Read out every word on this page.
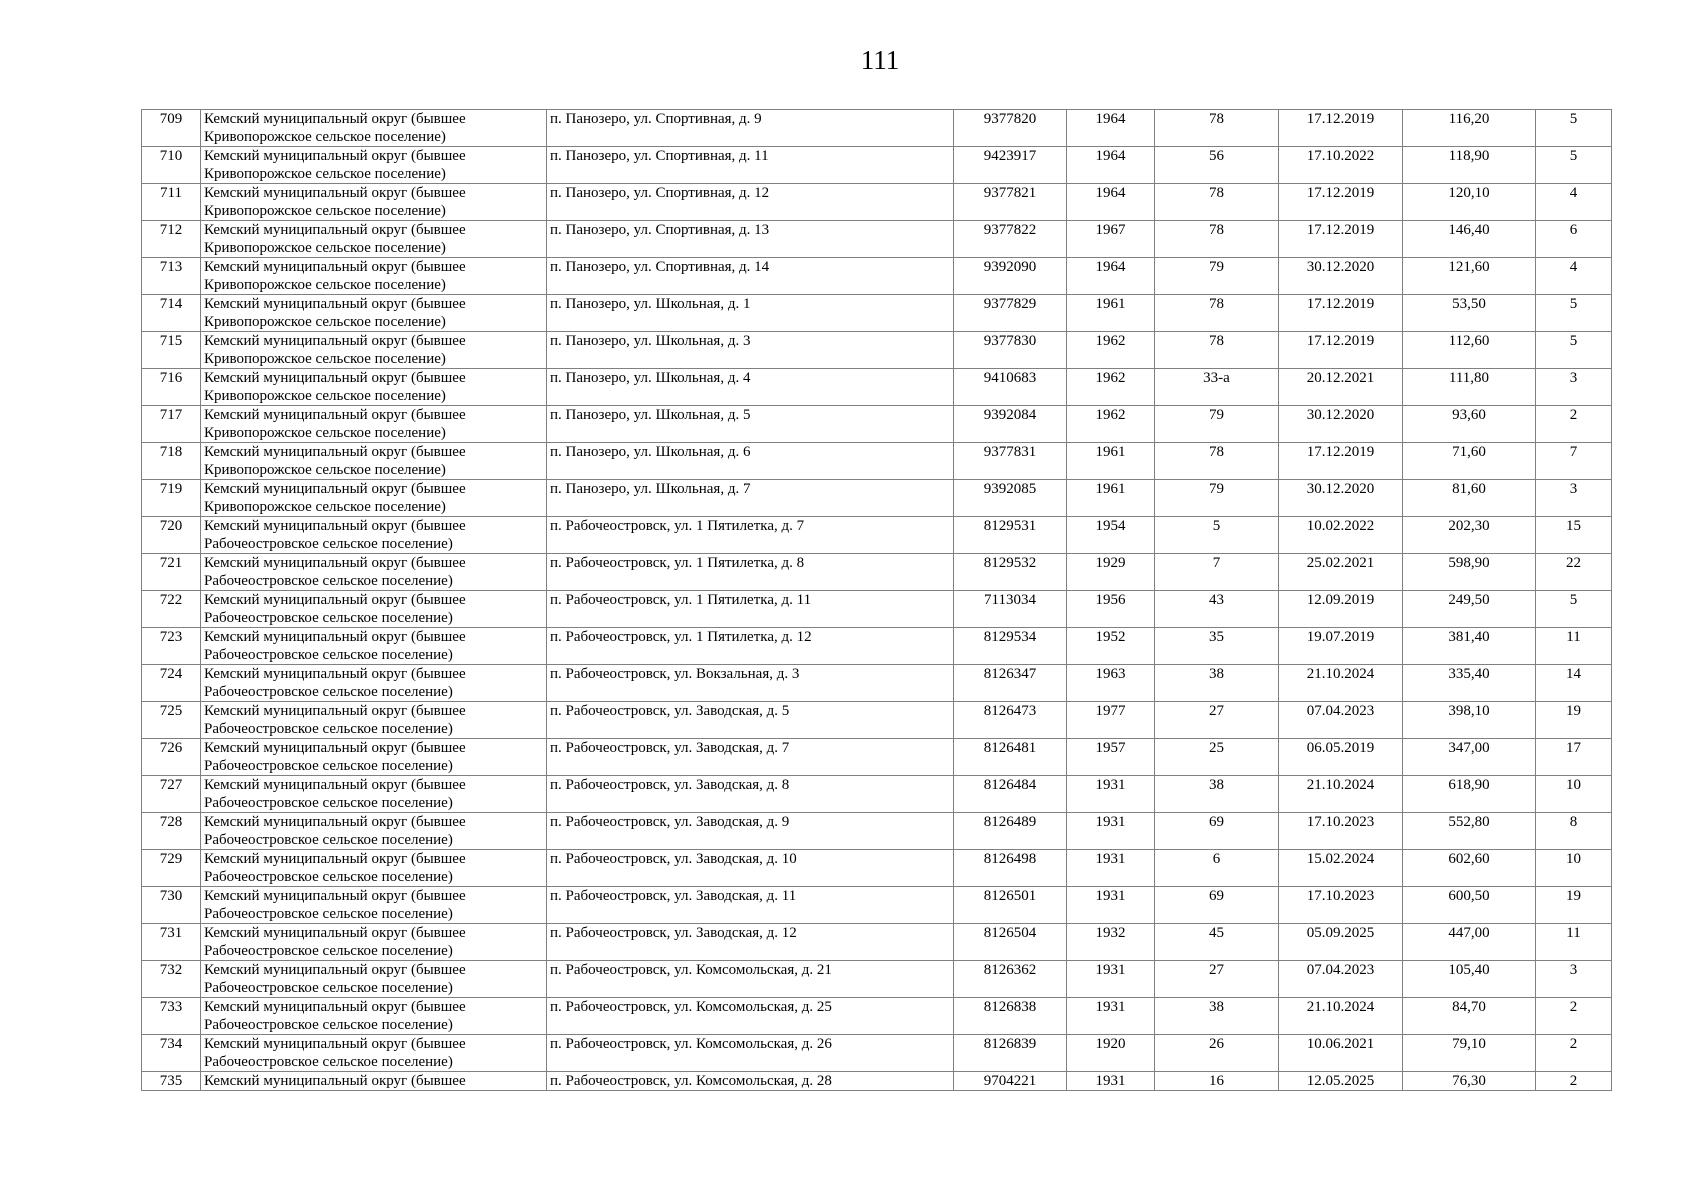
111
709	Кемский муниципальный округ (бывшее Кривопорожское сельское поселение)	п. Панозеро, ул. Спортивная, д. 9	9377820	1964	78	17.12.2019	116,20	5
710	Кемский муниципальный округ (бывшее Кривопорожское сельское поселение)	п. Панозеро, ул. Спортивная, д. 11	9423917	1964	56	17.10.2022	118,90	5
711	Кемский муниципальный округ (бывшее Кривопорожское сельское поселение)	п. Панозеро, ул. Спортивная, д. 12	9377821	1964	78	17.12.2019	120,10	4
712	Кемский муниципальный округ (бывшее Кривопорожское сельское поселение)	п. Панозеро, ул. Спортивная, д. 13	9377822	1967	78	17.12.2019	146,40	6
713	Кемский муниципальный округ (бывшее Кривопорожское сельское поселение)	п. Панозеро, ул. Спортивная, д. 14	9392090	1964	79	30.12.2020	121,60	4
714	Кемский муниципальный округ (бывшее Кривопорожское сельское поселение)	п. Панозеро, ул. Школьная, д. 1	9377829	1961	78	17.12.2019	53,50	5
715	Кемский муниципальный округ (бывшее Кривопорожское сельское поселение)	п. Панозеро, ул. Школьная, д. 3	9377830	1962	78	17.12.2019	112,60	5
716	Кемский муниципальный округ (бывшее Кривопорожское сельское поселение)	п. Панозеро, ул. Школьная, д. 4	9410683	1962	33-а	20.12.2021	111,80	3
717	Кемский муниципальный округ (бывшее Кривопорожское сельское поселение)	п. Панозеро, ул. Школьная, д. 5	9392084	1962	79	30.12.2020	93,60	2
718	Кемский муниципальный округ (бывшее Кривопорожское сельское поселение)	п. Панозеро, ул. Школьная, д. 6	9377831	1961	78	17.12.2019	71,60	7
719	Кемский муниципальный округ (бывшее Кривопорожское сельское поселение)	п. Панозеро, ул. Школьная, д. 7	9392085	1961	79	30.12.2020	81,60	3
720	Кемский муниципальный округ (бывшее Рабочеостровское сельское поселение)	п. Рабочеостровск, ул. 1 Пятилетка, д. 7	8129531	1954	5	10.02.2022	202,30	15
721	Кемский муниципальный округ (бывшее Рабочеостровское сельское поселение)	п. Рабочеостровск, ул. 1 Пятилетка, д. 8	8129532	1929	7	25.02.2021	598,90	22
722	Кемский муниципальный округ (бывшее Рабочеостровское сельское поселение)	п. Рабочеостровск, ул. 1 Пятилетка, д. 11	7113034	1956	43	12.09.2019	249,50	5
723	Кемский муниципальный округ (бывшее Рабочеостровское сельское поселение)	п. Рабочеостровск, ул. 1 Пятилетка, д. 12	8129534	1952	35	19.07.2019	381,40	11
724	Кемский муниципальный округ (бывшее Рабочеостровское сельское поселение)	п. Рабочеостровск, ул. Вокзальная, д. 3	8126347	1963	38	21.10.2024	335,40	14
725	Кемский муниципальный округ (бывшее Рабочеостровское сельское поселение)	п. Рабочеостровск, ул. Заводская, д. 5	8126473	1977	27	07.04.2023	398,10	19
726	Кемский муниципальный округ (бывшее Рабочеостровское сельское поселение)	п. Рабочеостровск, ул. Заводская, д. 7	8126481	1957	25	06.05.2019	347,00	17
727	Кемский муниципальный округ (бывшее Рабочеостровское сельское поселение)	п. Рабочеостровск, ул. Заводская, д. 8	8126484	1931	38	21.10.2024	618,90	10
728	Кемский муниципальный округ (бывшее Рабочеостровское сельское поселение)	п. Рабочеостровск, ул. Заводская, д. 9	8126489	1931	69	17.10.2023	552,80	8
729	Кемский муниципальный округ (бывшее Рабочеостровское сельское поселение)	п. Рабочеостровск, ул. Заводская, д. 10	8126498	1931	6	15.02.2024	602,60	10
730	Кемский муниципальный округ (бывшее Рабочеостровское сельское поселение)	п. Рабочеостровск, ул. Заводская, д. 11	8126501	1931	69	17.10.2023	600,50	19
731	Кемский муниципальный округ (бывшее Рабочеостровское сельское поселение)	п. Рабочеостровск, ул. Заводская, д. 12	8126504	1932	45	05.09.2025	447,00	11
732	Кемский муниципальный округ (бывшее Рабочеостровское сельское поселение)	п. Рабочеостровск, ул. Комсомольская, д. 21	8126362	1931	27	07.04.2023	105,40	3
733	Кемский муниципальный округ (бывшее Рабочеостровское сельское поселение)	п. Рабочеостровск, ул. Комсомольская, д. 25	8126838	1931	38	21.10.2024	84,70	2
734	Кемский муниципальный округ (бывшее Рабочеостровское сельское поселение)	п. Рабочеостровск, ул. Комсомольская, д. 26	8126839	1920	26	10.06.2021	79,10	2
735	Кемский муниципальный округ (бывшее	п. Рабочеостровск, ул. Комсомольская, д. 28	9704221	1931	16	12.05.2025	76,30	2
